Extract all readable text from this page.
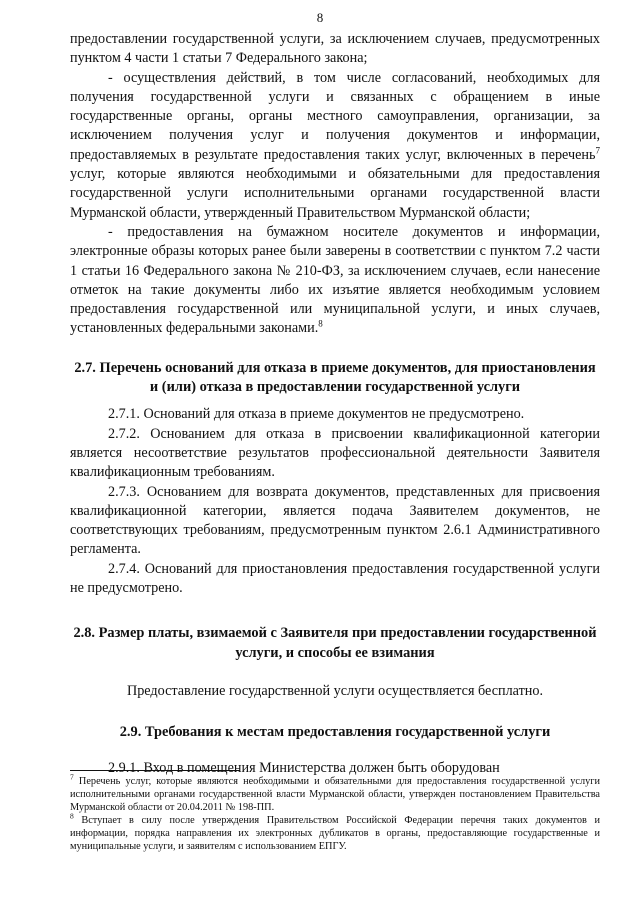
8

предоставлении государственной услуги, за исключением случаев, предусмотренных пунктом 4 части 1 статьи 7 Федерального закона;

- осуществления действий, в том числе согласований, необходимых для получения государственной услуги и связанных с обращением в иные государственные органы, органы местного самоуправления, организации, за исключением получения услуг и получения документов и информации, предоставляемых в результате предоставления таких услуг, включенных в перечень$^7$ услуг, которые являются необходимыми и обязательными для предоставления государственной услуги исполнительными органами государственной власти Мурманской области, утвержденный Правительством Мурманской области;

- предоставления на бумажном носителе документов и информации, электронные образы которых ранее были заверены в соответствии с пунктом 7.2 части 1 статьи 16 Федерального закона № 210-ФЗ, за исключением случаев, если нанесение отметок на такие документы либо их изъятие является необходимым условием предоставления государственной или муниципальной услуги, и иных случаев, установленных федеральными законами.$^8$

2.7. Перечень оснований для отказа в приеме документов, для приостановления и (или) отказа в предоставлении государственной услуги

2.7.1. Оснований для отказа в приеме документов не предусмотрено.

2.7.2. Основанием для отказа в присвоении квалификационной категории является несоответствие результатов профессиональной деятельности Заявителя квалификационным требованиям.

2.7.3. Основанием для возврата документов, представленных для присвоения квалификационной категории, является подача Заявителем документов, не соответствующих требованиям, предусмотренным пунктом 2.6.1 Административного регламента.

2.7.4. Оснований для приостановления предоставления государственной услуги не предусмотрено.

2.8. Размер платы, взимаемой с Заявителя при предоставлении государственной услуги, и способы ее взимания

Предоставление государственной услуги осуществляется бесплатно.

2.9. Требования к местам предоставления государственной услуги

2.9.1. Вход в помещения Министерства должен быть оборудован

$^7$ Перечень услуг, которые являются необходимыми и обязательными для предоставления государственной услуги исполнительными органами государственной власти Мурманской области, утвержден постановлением Правительства Мурманской области от 20.04.2011 № 198-ПП.

$^8$ Вступает в силу после утверждения Правительством Российской Федерации перечня таких документов и информации, порядка направления их электронных дубликатов в органы, предоставляющие государственные и муниципальные услуги, и заявителям с использованием ЕПГУ.
